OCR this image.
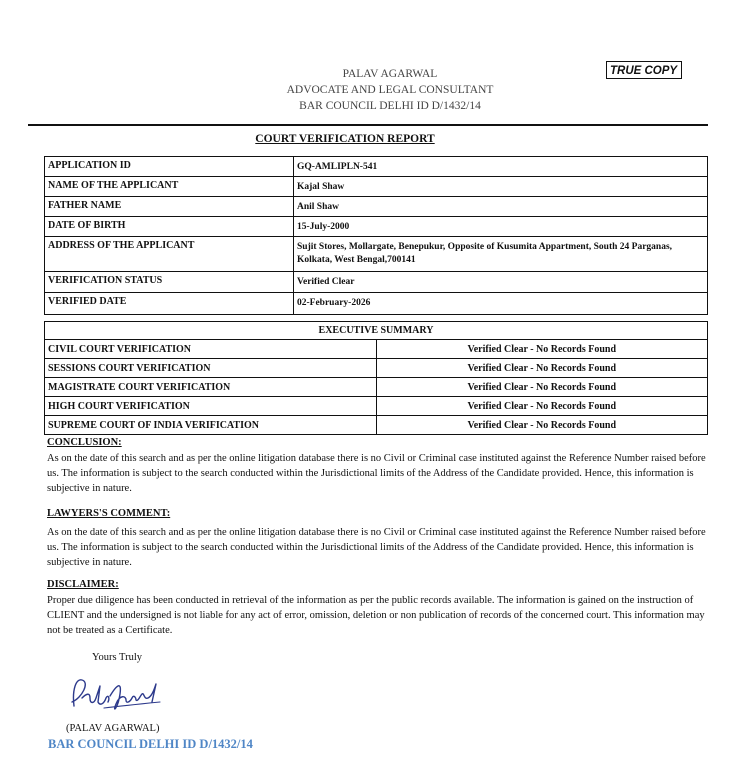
PALAV AGARWAL
ADVOCATE AND LEGAL CONSULTANT
BAR COUNCIL DELHI ID D/1432/14
TRUE COPY
COURT VERIFICATION REPORT
APPLICATION ID	GQ-AMLIPLN-541
NAME OF THE APPLICANT	Kajal Shaw
FATHER NAME	Anil Shaw
DATE OF BIRTH	15-July-2000
ADDRESS OF THE APPLICANT	Sujit Stores, Mollargate, Benepukur, Opposite of Kusumita Appartment, South 24 Parganas, Kolkata, West Bengal,700141
VERIFICATION STATUS	Verified Clear
VERIFIED DATE	02-February-2026
EXECUTIVE SUMMARY	
CIVIL COURT VERIFICATION	Verified Clear - No Records Found
SESSIONS COURT VERIFICATION	Verified Clear - No Records Found
MAGISTRATE COURT VERIFICATION	Verified Clear - No Records Found
HIGH COURT VERIFICATION	Verified Clear - No Records Found
SUPREME COURT OF INDIA VERIFICATION	Verified Clear - No Records Found
CONCLUSION:
As on the date of this search and as per the online litigation database there is no Civil or Criminal case instituted against the Reference Number raised before us. The information is subject to the search conducted within the Jurisdictional limits of the Address of the Candidate provided. Hence, this information is subjective in nature.
LAWYERS'S COMMENT:
As on the date of this search and as per the online litigation database there is no Civil or Criminal case instituted against the Reference Number raised before us. The information is subject to the search conducted within the Jurisdictional limits of the Address of the Candidate provided. Hence, this information is subjective in nature.
DISCLAIMER:
Proper due diligence has been conducted in retrieval of the information as per the public records available. The information is gained on the instruction of CLIENT and the undersigned is not liable for any act of error, omission, deletion or non publication of records of the concerned court. This information may not be treated as a Certificate.
Yours Truly
(PALAV AGARWAL)
BAR COUNCIL DELHI ID D/1432/14
